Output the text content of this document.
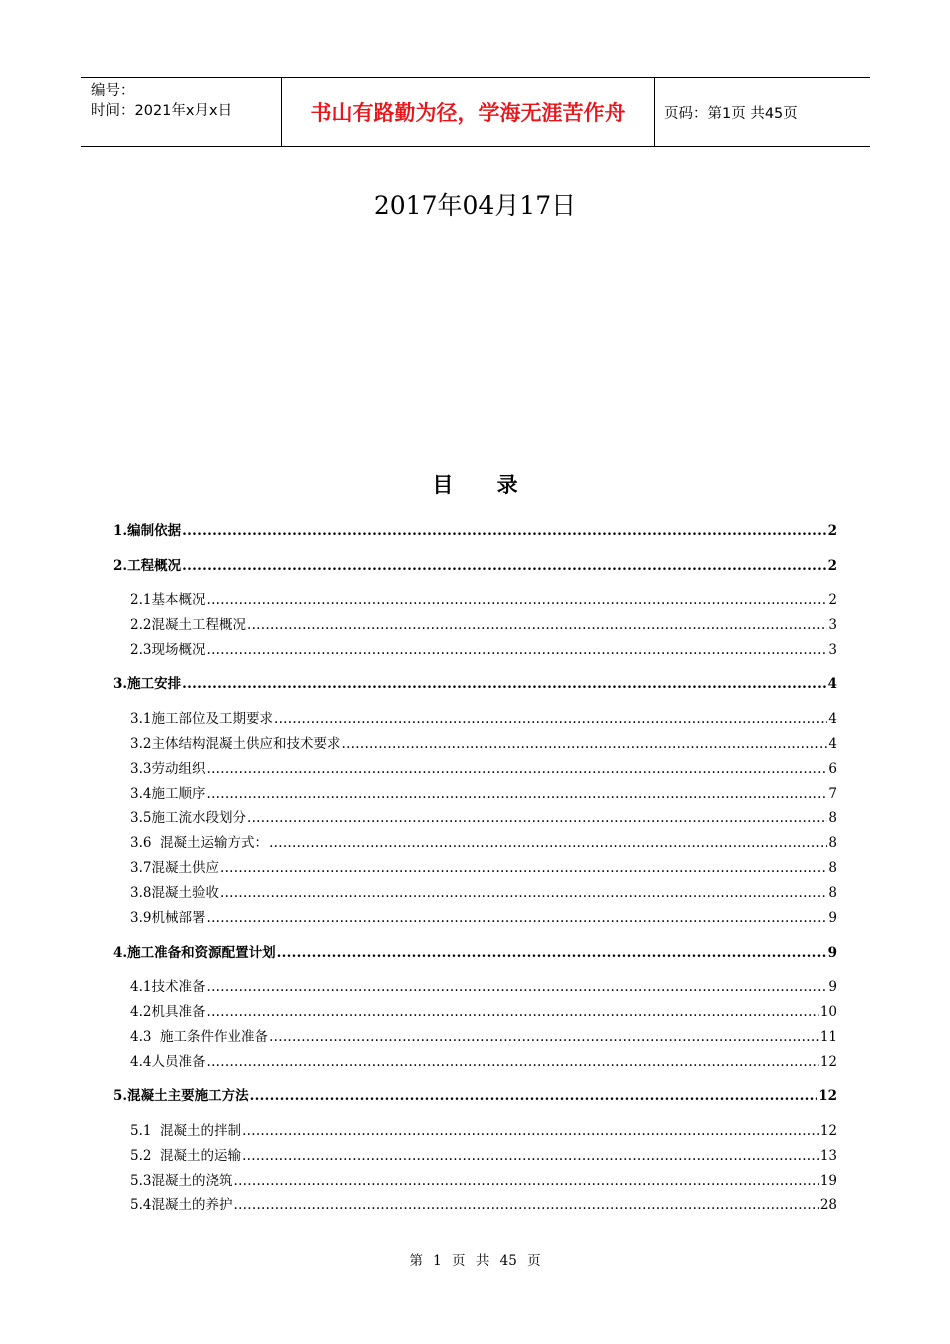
编号：
时间：2021年x月x日	书山有路勤为径，学海无涯苦作舟	页码：第1页 共45页
2017年04月17日
目 录
1.编制依据 .....	2
2.工程概况 .....	2
2.1基本概况 .....	2
2.2混凝土工程概况 .....	3
2.3现场概况 .....	3
3.施工安排 .....	4
3.1施工部位及工期要求 .....	4
3.2主体结构混凝土供应和技术要求 .....	4
3.3劳动组织 .....	6
3.4施工顺序 .....	7
3.5施工流水段划分 .....	8
3.6  混凝土运输方式： .....	8
3.7混凝土供应 .....	8
3.8混凝土验收 .....	8
3.9机械部署 .....	9
4.施工准备和资源配置计划 .....	9
4.1技术准备 .....	9
4.2机具准备 .....	10
4.3  施工条件作业准备 .....	11
4.4人员准备 .....	12
5.混凝土主要施工方法 .....	12
5.1  混凝土的拌制 .....	12
5.2  混凝土的运输 .....	13
5.3混凝土的浇筑 .....	19
5.4混凝土的养护 .....	28
第 1 页 共 45 页
